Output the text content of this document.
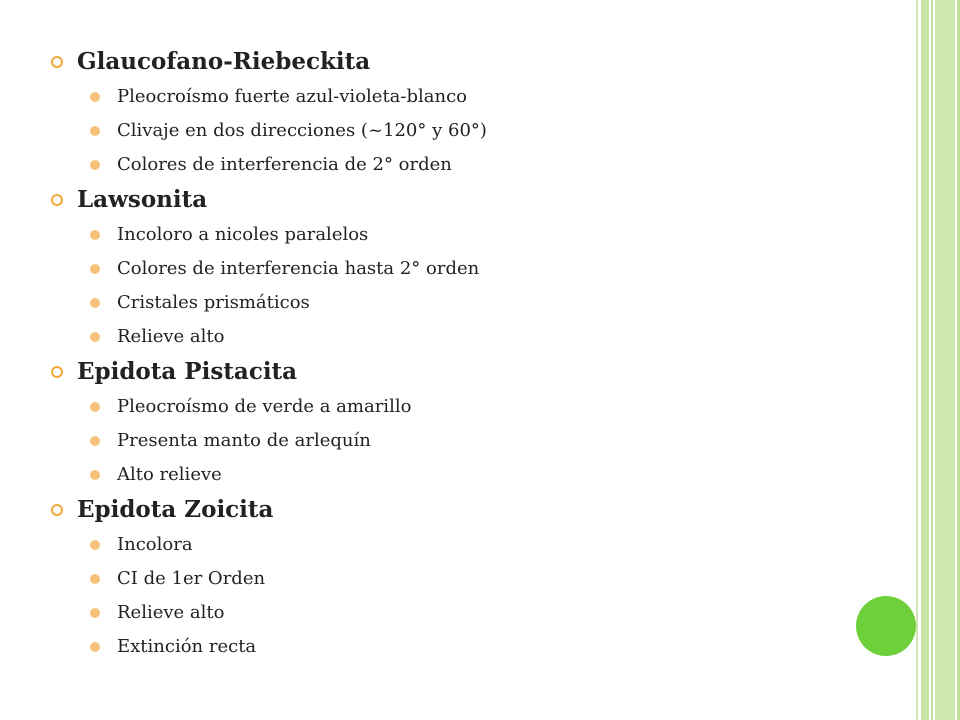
Glaucofano-Riebeckita
Pleocroísmo fuerte azul-violeta-blanco
Clivaje en dos direcciones (~120° y 60°)
Colores de interferencia de 2° orden
Lawsonita
Incoloro a nicoles paralelos
Colores de interferencia hasta 2° orden
Cristales prismáticos
Relieve alto
Epidota Pistacita
Pleocroísmo de verde a amarillo
Presenta manto de arlequín
Alto relieve
Epidota Zoicita
Incolora
CI de 1er Orden
Relieve alto
Extinción recta
